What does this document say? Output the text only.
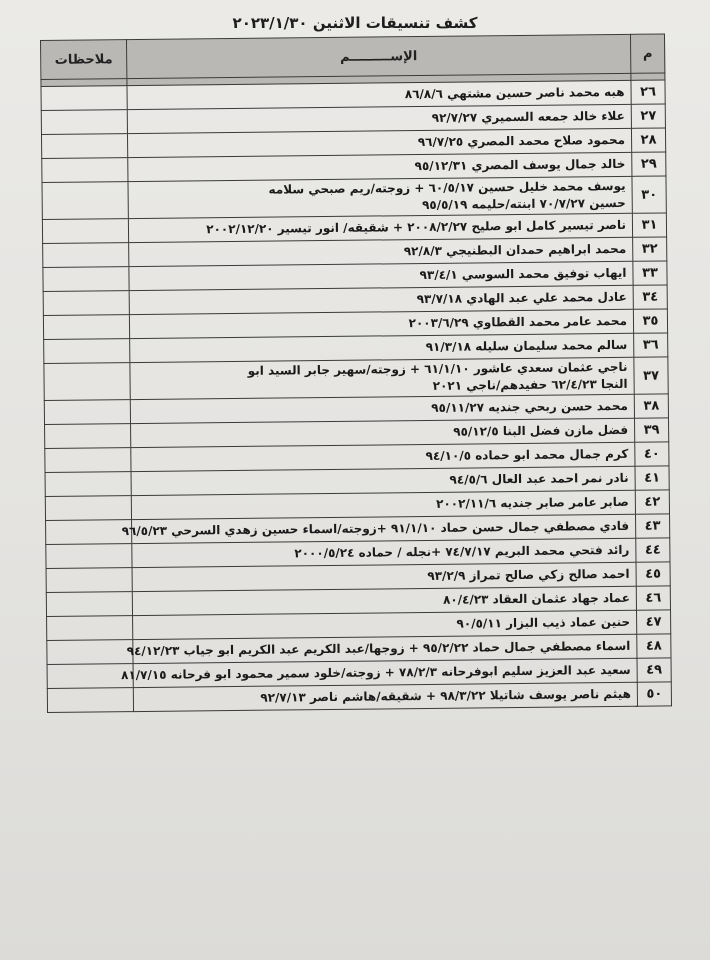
كشف تنسيقات الاثنين ٢٠٢٣/١/٣٠
م	الإســـــــــم	ملاحظات

٢٦	هبه محمد ناصر حسين مشتهي ٨٦/٨/٦	

٢٧	علاء خالد جمعه السميري ٩٢/٧/٢٧	

٢٨	محمود صلاح محمد المصري ٩٦/٧/٢٥	

٢٩	خالد جمال يوسف المصري ٩٥/١٢/٣١	

٣٠	يوسف محمد خليل حسين ٦٠/٥/١٧ + زوجته/ريم صبحي سلامه
حسين ٧٠/٧/٢٧ ابنته/حليمه ٩٥/٥/١٩	

٣١	ناصر تيسير كامل ابو صليح ٢٠٠٨/٢/٢٧ + شقيقه/ انور تيسير ٢٠٠٢/١٢/٢٠	

٣٢	محمد ابراهيم حمدان البطنيجي ٩٢/٨/٣	

٣٣	ايهاب توفيق محمد السوسي ٩٣/٤/١	

٣٤	عادل محمد علي عبد الهادي ٩٣/٧/١٨	

٣٥	محمد عامر محمد القطاوي ٢٠٠٣/٦/٢٩	

٣٦	سالم محمد سليمان سليله ٩١/٣/١٨	

٣٧	ناجي عثمان سعدي عاشور ٦١/١/١٠ + زوجته/سهير جابر السيد ابو
النجا ٦٢/٤/٢٣ حفيدهم/ناجي ٢٠٢١	

٣٨	محمد حسن ربحي جنديه ٩٥/١١/٢٧	

٣٩	فضل مازن فضل البنا ٩٥/١٢/٥	

٤٠	كرم جمال محمد ابو حماده ٩٤/١٠/٥	

٤١	نادر نمر احمد عبد العال ٩٤/٥/٦	

٤٢	صابر عامر صابر جنديه ٢٠٠٢/١١/٦	

٤٣	فادي مصطفي جمال حسن حماد ٩١/١/١٠ +زوجته/اسماء حسين زهدي السرحي ٩٦/٥/٢٣	

٤٤	رائد فتحي محمد البريم ٧٤/٧/١٧ +نجله / حماده ٢٠٠٠/٥/٢٤	

٤٥	احمد صالح زكي صالح تمراز ٩٣/٢/٩	

٤٦	عماد جهاد عثمان العقاد ٨٠/٤/٢٣	

٤٧	حنين عماد ذيب البزار ٩٠/٥/١١	

٤٨	اسماء مصطفي جمال حماد ٩٥/٢/٢٢ + زوجها/عبد الكريم عبد الكريم ابو جياب ٩٤/١٢/٢٣	

٤٩	سعيد عبد العزيز سليم ابوفرحانه ٧٨/٢/٣ + زوجته/خلود سمير محمود ابو فرحانه ٨١/٧/١٥	

٥٠	هيثم ناصر يوسف شاتيلا ٩٨/٣/٢٢ + شقيقه/هاشم ناصر ٩٢/٧/١٣	
